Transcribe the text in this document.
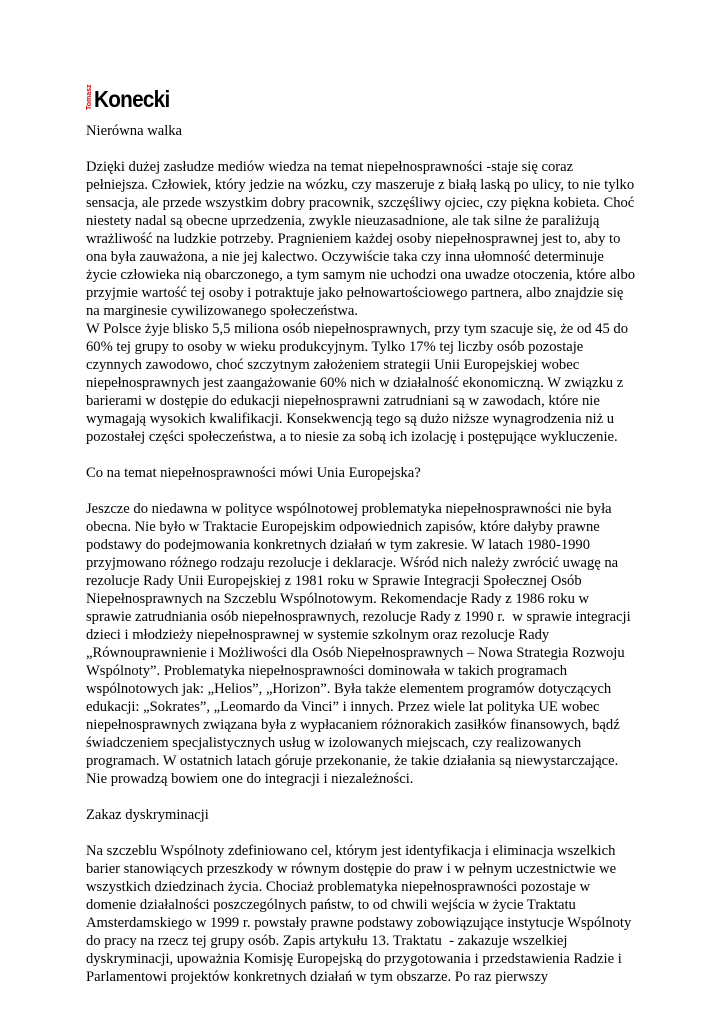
Tomasz Konecki
Nierówna walka
Dzięki dużej zasłudze mediów wiedza na temat niepełnosprawności -staje się coraz
pełniejsza. Człowiek, który jedzie na wózku, czy maszeruje z białą laską po ulicy, to nie tylko
sensacja, ale przede wszystkim dobry pracownik, szczęśliwy ojciec, czy piękna kobieta. Choć
niestety nadal są obecne uprzedzenia, zwykle nieuzasadnione, ale tak silne że paraliżują
wrażliwość na ludzkie potrzeby. Pragnieniem każdej osoby niepełnosprawnej jest to, aby to
ona była zauważona, a nie jej kalectwo. Oczywiście taka czy inna ułomność determinuje
życie człowieka nią obarczonego, a tym samym nie uchodzi ona uwadze otoczenia, które albo
przyjmie wartość tej osoby i potraktuje jako pełnowartościowego partnera, albo znajdzie się
na marginesie cywilizowanego społeczeństwa.
W Polsce żyje blisko 5,5 miliona osób niepełnosprawnych, przy tym szacuje się, że od 45 do
60% tej grupy to osoby w wieku produkcyjnym. Tylko 17% tej liczby osób pozostaje
czynnych zawodowo, choć szczytnym założeniem strategii Unii Europejskiej wobec
niepełnosprawnych jest zaangażowanie 60% nich w działalność ekonomiczną. W związku z
barierami w dostępie do edukacji niepełnosprawni zatrudniani są w zawodach, które nie
wymagają wysokich kwalifikacji. Konsekwencją tego są dużo niższe wynagrodzenia niż u
pozostałej części społeczeństwa, a to niesie za sobą ich izolację i postępujące wykluczenie.
Co na temat niepełnosprawności mówi Unia Europejska?
Jeszcze do niedawna w polityce wspólnotowej problematyka niepełnosprawności nie była
obecna. Nie było w Traktacie Europejskim odpowiednich zapisów, które dałyby prawne
podstawy do podejmowania konkretnych działań w tym zakresie. W latach 1980-1990
przyjmowano różnego rodzaju rezolucje i deklaracje. Wśród nich należy zwrócić uwagę na
rezolucje Rady Unii Europejskiej z 1981 roku w Sprawie Integracji Społecznej Osób
Niepełnosprawnych na Szczeblu Wspólnotowym. Rekomendacje Rady z 1986 roku w
sprawie zatrudniania osób niepełnosprawnych, rezolucje Rady z 1990 r.  w sprawie integracji
dzieci i młodzieży niepełnosprawnej w systemie szkolnym oraz rezolucje Rady
„Równouprawnienie i Możliwości dla Osób Niepełnosprawnych – Nowa Strategia Rozwoju
Wspólnoty”. Problematyka niepełnosprawności dominowała w takich programach
wspólnotowych jak: „Helios”, „Horizon”. Była także elementem programów dotyczących
edukacji: „Sokrates”, „Leomardo da Vinci” i innych. Przez wiele lat polityka UE wobec
niepełnosprawnych związana była z wypłacaniem różnorakich zasiłków finansowych, bądź
świadczeniem specjalistycznych usług w izolowanych miejscach, czy realizowanych
programach. W ostatnich latach góruje przekonanie, że takie działania są niewystarczające.
Nie prowadzą bowiem one do integracji i niezależności.
Zakaz dyskryminacji
Na szczeblu Wspólnoty zdefiniowano cel, którym jest identyfikacja i eliminacja wszelkich
barier stanowiących przeszkody w równym dostępie do praw i w pełnym uczestnictwie we
wszystkich dziedzinach życia. Chociaż problematyka niepełnosprawności pozostaje w
domenie działalności poszczególnych państw, to od chwili wejścia w życie Traktatu
Amsterdamskiego w 1999 r. powstały prawne podstawy zobowiązujące instytucje Wspólnoty
do pracy na rzecz tej grupy osób. Zapis artykułu 13. Traktatu  - zakazuje wszelkiej
dyskryminacji, upoważnia Komisję Europejską do przygotowania i przedstawienia Radzie i
Parlamentowi projektów konkretnych działań w tym obszarze. Po raz pierwszy
